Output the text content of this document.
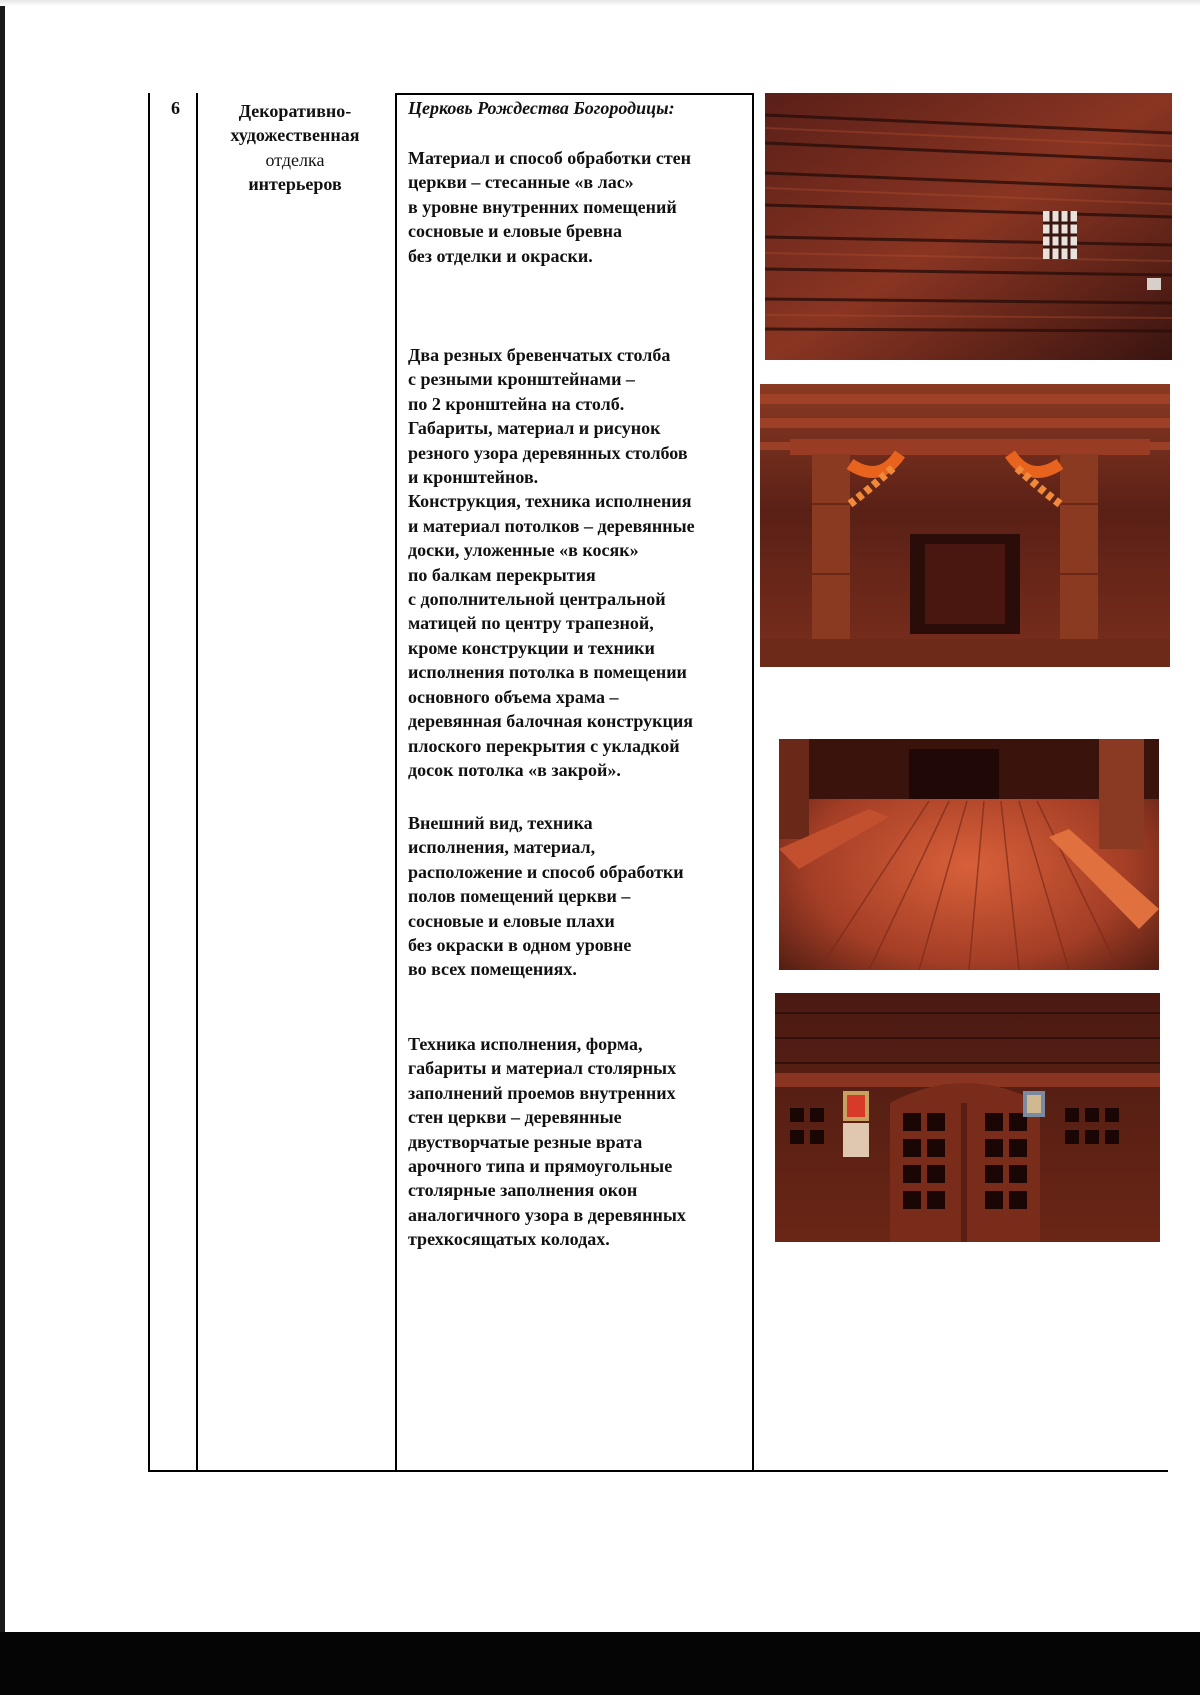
6	Декоративно-
художественная
отделка
интерьеров
Церковь Рождества Богородицы:

Материал и способ обработки стен

церкви – стесанные «в лас»

в уровне внутренних помещений

сосновые и еловые бревна

без отделки и окраски.

Два резных бревенчатых столба

с резными кронштейнами –

по 2 кронштейна на столб.

Габариты, материал и рисунок

резного узора деревянных столбов

и кронштейнов.

Конструкция, техника исполнения

и материал потолков – деревянные

доски, уложенные «в косяк»

по балкам перекрытия

с дополнительной центральной

матицей по центру трапезной,

кроме конструкции и техники

исполнения потолка в помещении

основного объема храма –

деревянная балочная конструкция

плоского перекрытия с укладкой

досок потолка «в закрой».

Внешний вид, техника

исполнения, материал,

расположение и способ обработки

полов помещений церкви –

сосновые и еловые плахи

без окраски в одном уровне

во всех помещениях.

Техника исполнения, форма,

габариты и материал столярных

заполнений проемов внутренних

стен церкви – деревянные

двустворчатые резные врата

арочного типа и прямоугольные

столярные заполнения окон

аналогичного узора в деревянных

трехкосящатых колодах.
